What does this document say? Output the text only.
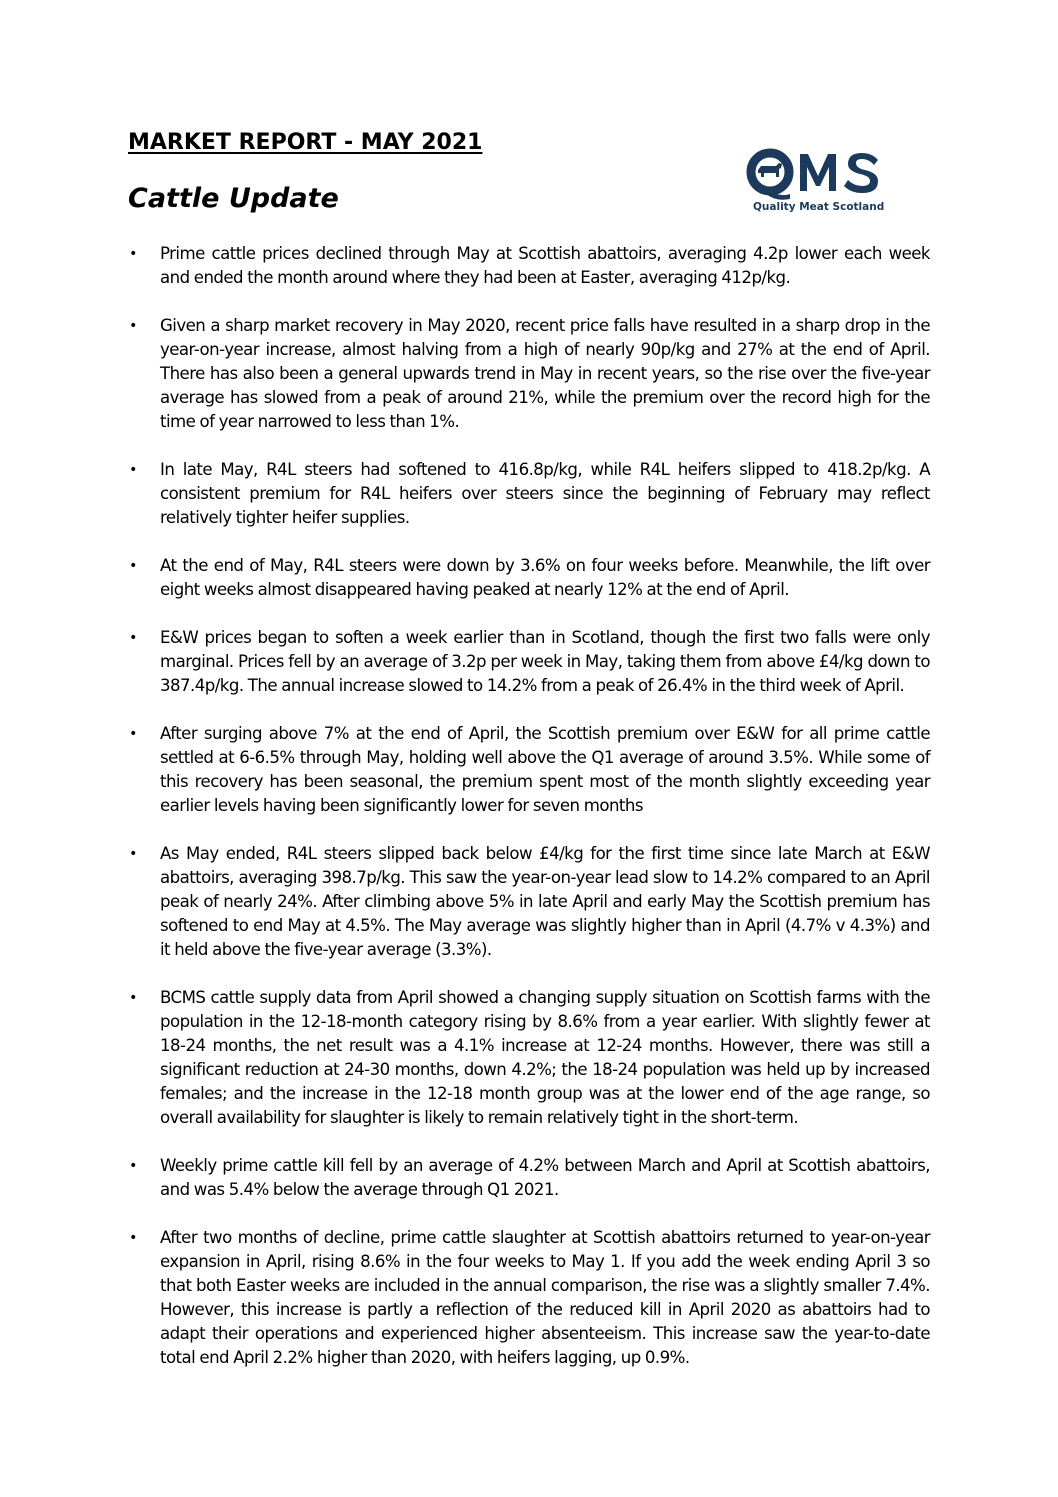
MARKET REPORT - MAY 2021
Cattle Update	Quality Meat Scotland
• Prime cattle prices declined through May at Scottish abattoirs, averaging 4.2p lower each week and ended the month around where they had been at Easter, averaging 412p/kg.
• Given a sharp market recovery in May 2020, recent price falls have resulted in a sharp drop in the year-on-year increase, almost halving from a high of nearly 90p/kg and 27% at the end of April. There has also been a general upwards trend in May in recent years, so the rise over the five-year average has slowed from a peak of around 21%, while the premium over the record high for the time of year narrowed to less than 1%.
• In late May, R4L steers had softened to 416.8p/kg, while R4L heifers slipped to 418.2p/kg. A consistent premium for R4L heifers over steers since the beginning of February may reflect relatively tighter heifer supplies.
• At the end of May, R4L steers were down by 3.6% on four weeks before. Meanwhile, the lift over eight weeks almost disappeared having peaked at nearly 12% at the end of April.
• E&W prices began to soften a week earlier than in Scotland, though the first two falls were only marginal. Prices fell by an average of 3.2p per week in May, taking them from above £4/kg down to 387.4p/kg. The annual increase slowed to 14.2% from a peak of 26.4% in the third week of April.
• After surging above 7% at the end of April, the Scottish premium over E&W for all prime cattle settled at 6-6.5% through May, holding well above the Q1 average of around 3.5%. While some of this recovery has been seasonal, the premium spent most of the month slightly exceeding year earlier levels having been significantly lower for seven months
• As May ended, R4L steers slipped back below £4/kg for the first time since late March at E&W abattoirs, averaging 398.7p/kg. This saw the year-on-year lead slow to 14.2% compared to an April peak of nearly 24%. After climbing above 5% in late April and early May the Scottish premium has softened to end May at 4.5%. The May average was slightly higher than in April (4.7% v 4.3%) and it held above the five-year average (3.3%).
• BCMS cattle supply data from April showed a changing supply situation on Scottish farms with the population in the 12-18-month category rising by 8.6% from a year earlier. With slightly fewer at 18-24 months, the net result was a 4.1% increase at 12-24 months. However, there was still a significant reduction at 24-30 months, down 4.2%; the 18-24 population was held up by increased females; and the increase in the 12-18 month group was at the lower end of the age range, so overall availability for slaughter is likely to remain relatively tight in the short-term.
• Weekly prime cattle kill fell by an average of 4.2% between March and April at Scottish abattoirs, and was 5.4% below the average through Q1 2021.
• After two months of decline, prime cattle slaughter at Scottish abattoirs returned to year-on-year expansion in April, rising 8.6% in the four weeks to May 1. If you add the week ending April 3 so that both Easter weeks are included in the annual comparison, the rise was a slightly smaller 7.4%. However, this increase is partly a reflection of the reduced kill in April 2020 as abattoirs had to adapt their operations and experienced higher absenteeism. This increase saw the year-to-date total end April 2.2% higher than 2020, with heifers lagging, up 0.9%.
